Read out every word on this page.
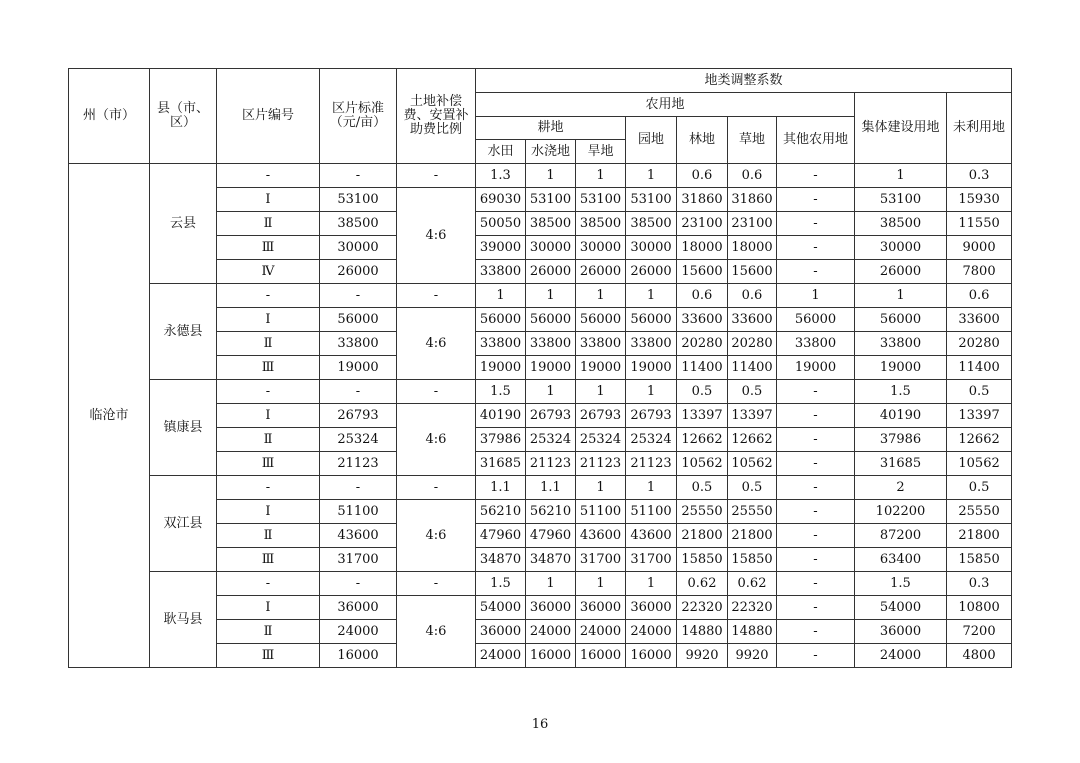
州（市）	县（市、区）	区片编号	区片标准（元/亩）	土地补偿费、安置补助费比例	地类调整系数								
					农用地							集体建设用地	未利用地
					耕地			园地	林地	草地	其他农用地		
					水田	水浇地	旱地						
临沧市	云县	-	-	-	1.3	1	1	1	0.6	0.6	-	1	0.3
		Ⅰ	53100	4:6	69030	53100	53100	53100	31860	31860	-	53100	15930
		Ⅱ	38500		50050	38500	38500	38500	23100	23100	-	38500	11550
		Ⅲ	30000		39000	30000	30000	30000	18000	18000	-	30000	9000
		Ⅳ	26000		33800	26000	26000	26000	15600	15600	-	26000	7800
	永德县	-	-	-	1	1	1	1	0.6	0.6	1	1	0.6
		Ⅰ	56000	4:6	56000	56000	56000	56000	33600	33600	56000	56000	33600
		Ⅱ	33800		33800	33800	33800	33800	20280	20280	33800	33800	20280
		Ⅲ	19000		19000	19000	19000	19000	11400	11400	19000	19000	11400
	镇康县	-	-	-	1.5	1	1	1	0.5	0.5	-	1.5	0.5
		Ⅰ	26793	4:6	40190	26793	26793	26793	13397	13397	-	40190	13397
		Ⅱ	25324		37986	25324	25324	25324	12662	12662	-	37986	12662
		Ⅲ	21123		31685	21123	21123	21123	10562	10562	-	31685	10562
	双江县	-	-	-	1.1	1.1	1	1	0.5	0.5	-	2	0.5
		Ⅰ	51100	4:6	56210	56210	51100	51100	25550	25550	-	102200	25550
		Ⅱ	43600		47960	47960	43600	43600	21800	21800	-	87200	21800
		Ⅲ	31700		34870	34870	31700	31700	15850	15850	-	63400	15850
	耿马县	-	-	-	1.5	1	1	1	0.62	0.62	-	1.5	0.3
		Ⅰ	36000	4:6	54000	36000	36000	36000	22320	22320	-	54000	10800
		Ⅱ	24000		36000	24000	24000	24000	14880	14880	-	36000	7200
		Ⅲ	16000		24000	16000	16000	16000	9920	9920	-	24000	4800
16
